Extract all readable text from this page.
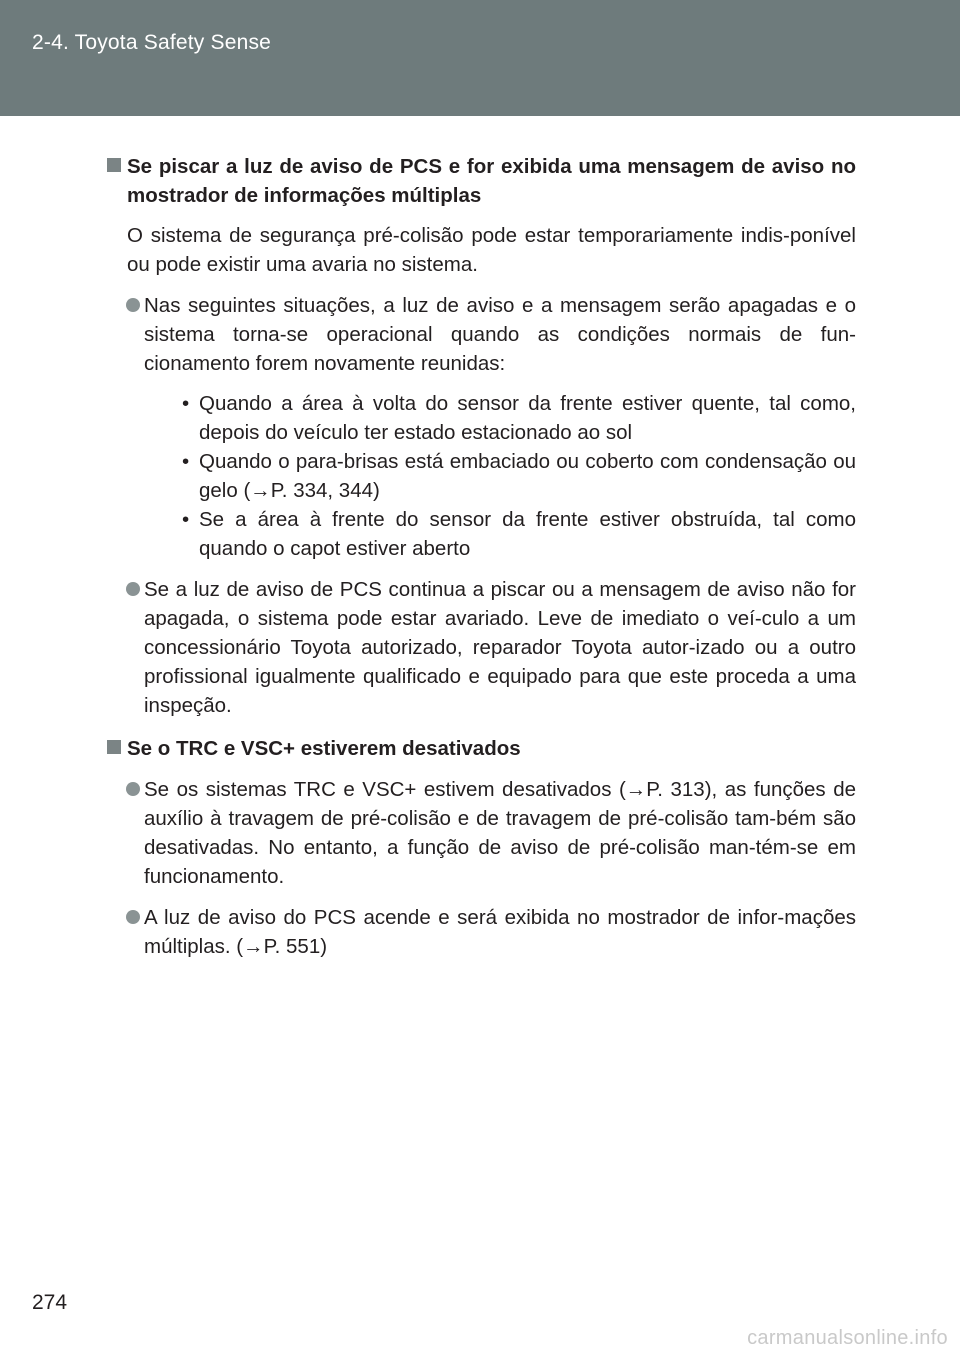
2-4. Toyota Safety Sense
Se piscar a luz de aviso de PCS e for exibida uma mensagem de aviso no mostrador de informações múltiplas
O sistema de segurança pré-colisão pode estar temporariamente indis-ponível ou pode existir uma avaria no sistema.
Nas seguintes situações, a luz de aviso e a mensagem serão apagadas e o sistema torna-se operacional quando as condições normais de fun-cionamento forem novamente reunidas:
• Quando a área à volta do sensor da frente estiver quente, tal como, depois do veículo ter estado estacionado ao sol
• Quando o para-brisas está embaciado ou coberto com condensação ou gelo (→P. 334, 344)
• Se a área à frente do sensor da frente estiver obstruída, tal como quando o capot estiver aberto
Se a luz de aviso de PCS continua a piscar ou a mensagem de aviso não for apagada, o sistema pode estar avariado. Leve de imediato o veí-culo a um concessionário Toyota autorizado, reparador Toyota autor-izado ou a outro profissional igualmente qualificado e equipado para que este proceda a uma inspeção.
Se o TRC e VSC+ estiverem desativados
Se os sistemas TRC e VSC+ estivem desativados (→P. 313), as funções de auxílio à travagem de pré-colisão e de travagem de pré-colisão tam-bém são desativadas. No entanto, a função de aviso de pré-colisão man-tém-se em funcionamento.
A luz de aviso do PCS acende e será exibida no mostrador de infor-mações múltiplas. (→P. 551)
274
carmanualsonline.info
